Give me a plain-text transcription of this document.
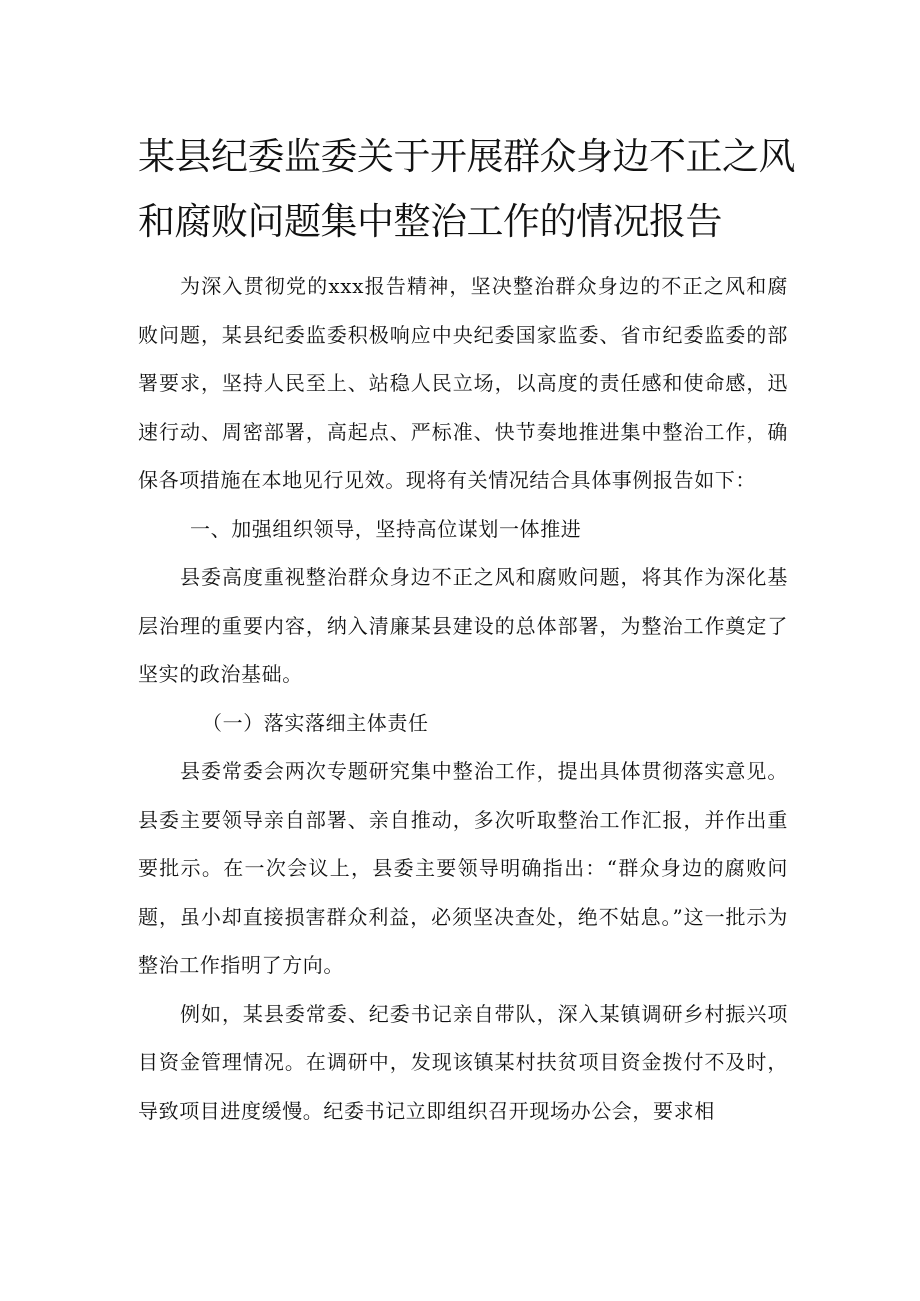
某县纪委监委关于开展群众身边不正之风
和腐败问题集中整治工作的情况报告

为深入贯彻党的xxx报告精神，坚决整治群众身边的不正之风和腐败问题，某县纪委监委积极响应中央纪委国家监委、省市纪委监委的部署要求，坚持人民至上、站稳人民立场，以高度的责任感和使命感，迅速行动、周密部署，高起点、严标准、快节奏地推进集中整治工作，确保各项措施在本地见行见效。现将有关情况结合具体事例报告如下：

一、加强组织领导，坚持高位谋划一体推进

县委高度重视整治群众身边不正之风和腐败问题，将其作为深化基层治理的重要内容，纳入清廉某县建设的总体部署，为整治工作奠定了坚实的政治基础。

（一）落实落细主体责任

县委常委会两次专题研究集中整治工作，提出具体贯彻落实意见。县委主要领导亲自部署、亲自推动，多次听取整治工作汇报，并作出重要批示。在一次会议上，县委主要领导明确指出：“群众身边的腐败问题，虽小却直接损害群众利益，必须坚决查处，绝不姑息。”这一批示为整治工作指明了方向。

例如，某县委常委、纪委书记亲自带队，深入某镇调研乡村振兴项目资金管理情况。在调研中，发现该镇某村扶贫项目资金拨付不及时，导致项目进度缓慢。纪委书记立即组织召开现场办公会，要求相
